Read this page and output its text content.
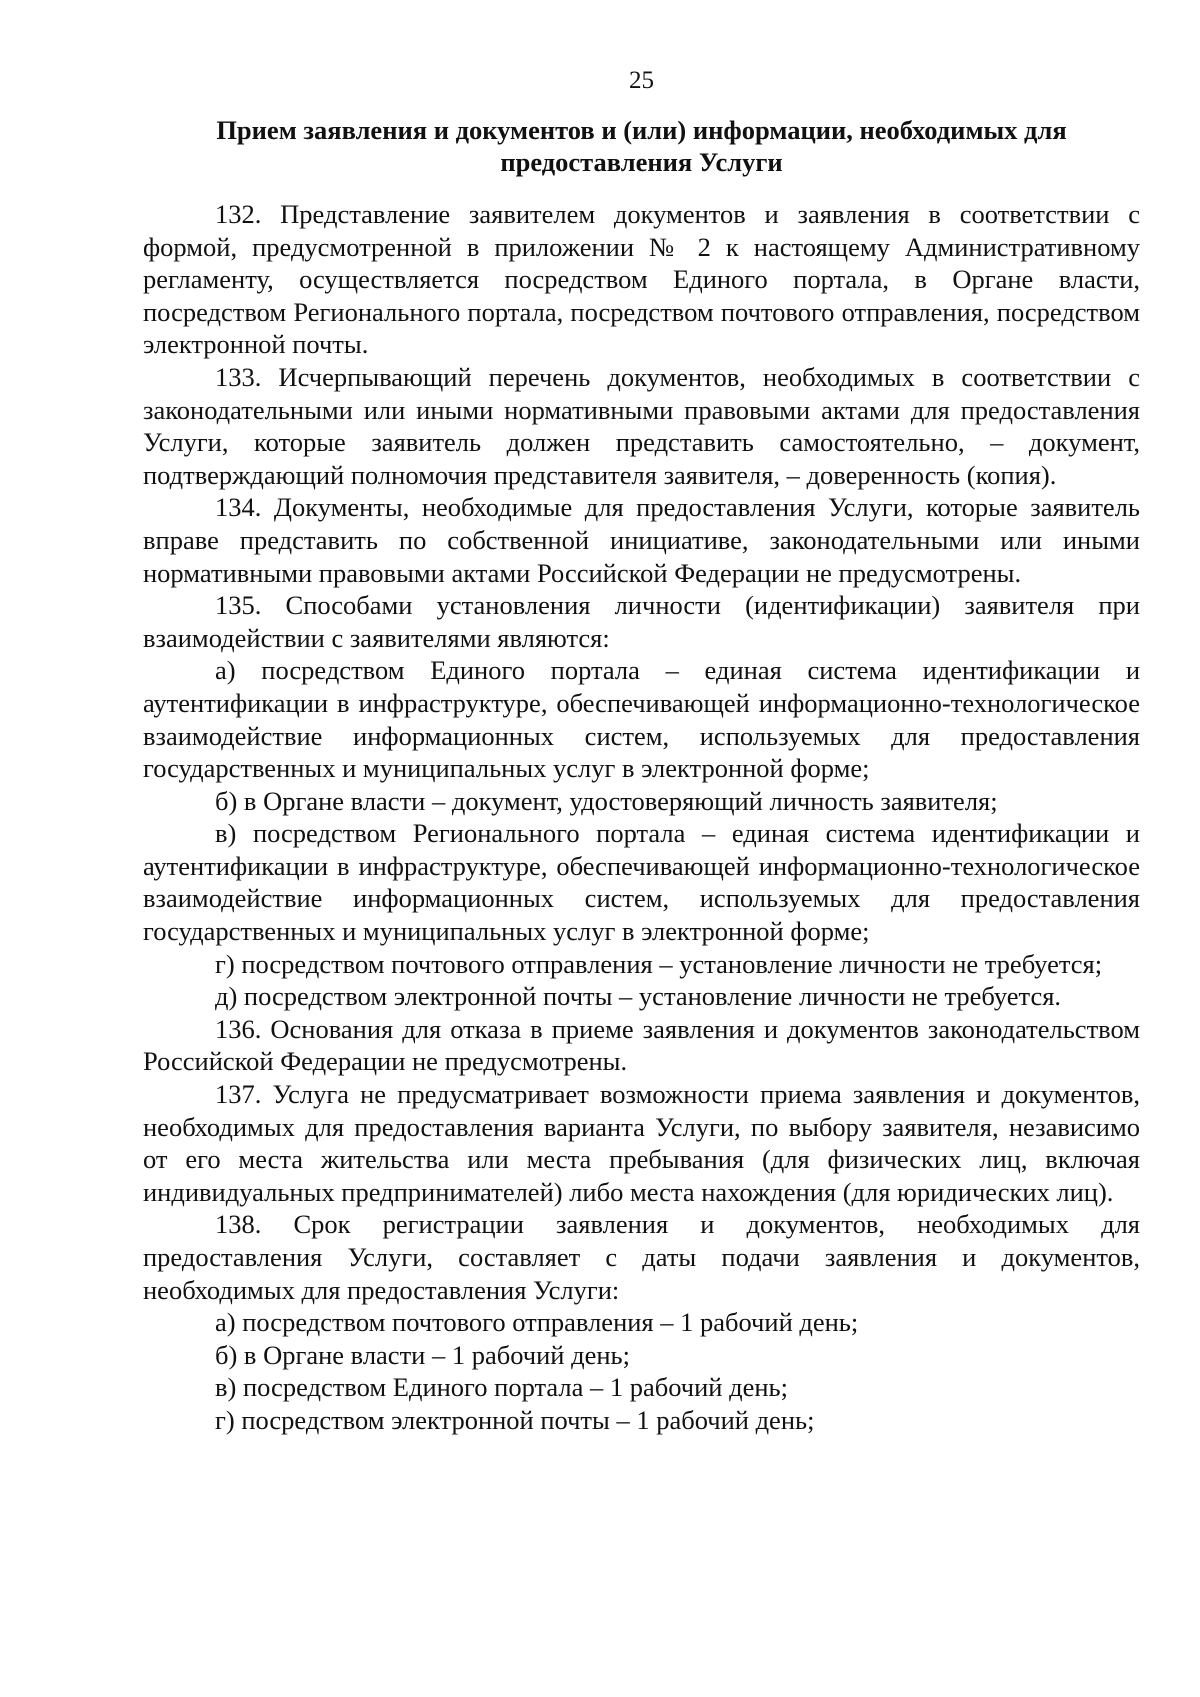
25
Прием заявления и документов и (или) информации, необходимых для
предоставления Услуги

132. Представление заявителем документов и заявления в соответствии с формой, предусмотренной в приложении № 2 к настоящему Административному регламенту, осуществляется посредством Единого портала, в Органе власти, посредством Регионального портала, посредством почтового отправления, посредством электронной почты.

133. Исчерпывающий перечень документов, необходимых в соответствии с законодательными или иными нормативными правовыми актами для предоставления Услуги, которые заявитель должен представить самостоятельно, – документ, подтверждающий полномочия представителя заявителя, – доверенность (копия).

134. Документы, необходимые для предоставления Услуги, которые заявитель вправе представить по собственной инициативе, законодательными или иными нормативными правовыми актами Российской Федерации не предусмотрены.

135. Способами установления личности (идентификации) заявителя при взаимодействии с заявителями являются:

а) посредством Единого портала – единая система идентификации и аутентификации в инфраструктуре, обеспечивающей информационно-технологическое взаимодействие информационных систем, используемых для предоставления государственных и муниципальных услуг в электронной форме;

б) в Органе власти – документ, удостоверяющий личность заявителя;

в) посредством Регионального портала – единая система идентификации и аутентификации в инфраструктуре, обеспечивающей информационно-технологическое взаимодействие информационных систем, используемых для предоставления государственных и муниципальных услуг в электронной форме;

г) посредством почтового отправления – установление личности не требуется;

д) посредством электронной почты – установление личности не требуется.

136. Основания для отказа в приеме заявления и документов законодательством Российской Федерации не предусмотрены.

137. Услуга не предусматривает возможности приема заявления и документов, необходимых для предоставления варианта Услуги, по выбору заявителя, независимо от его места жительства или места пребывания (для физических лиц, включая индивидуальных предпринимателей) либо места нахождения (для юридических лиц).

138. Срок регистрации заявления и документов, необходимых для предоставления Услуги, составляет с даты подачи заявления и документов, необходимых для предоставления Услуги:

а) посредством почтового отправления – 1 рабочий день;

б) в Органе власти – 1 рабочий день;

в) посредством Единого портала – 1 рабочий день;

г) посредством электронной почты – 1 рабочий день;
